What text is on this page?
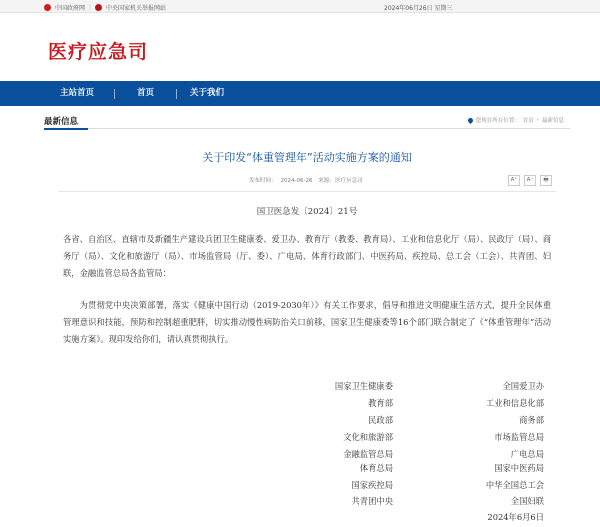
中国政府网 |	中央国家机关举报网站	2024年06月26日 星期三
医疗应急司
主站首页	首页	关于我们
最新信息	您现在所在位置： 首页 › 最新信息
关于印发“体重管理年”活动实施方案的通知
发布时间： 2024-06-26 来源: 医疗应急司	A⁺	A⁻	🖶
国卫医急发〔2024〕21号
各省、自治区、直辖市及新疆生产建设兵团卫生健康委、爱卫办、教育厅（教委、教育局）、工业和信息化厅（局）、民政厅（局）、商务厅（局）、文化和旅游厅（局）、市场监管局（厅、委）、广电局、体育行政部门、中医药局、疾控局、总工会（工会）、共青团、妇联，金融监管总局各监管局：
为贯彻党中央决策部署，落实《健康中国行动（2019-2030年）》有关工作要求，倡导和推进文明健康生活方式，提升全民体重管理意识和技能，预防和控制超重肥胖，切实推动慢性病防治关口前移，国家卫生健康委等16个部门联合制定了《“体重管理年”活动实施方案》。现印发给你们，请认真贯彻执行。
国家卫生健康委	全国爱卫办
教育部	工业和信息化部
民政部	商务部
文化和旅游部	市场监管总局
金融监管总局	广电总局
体育总局	国家中医药局
国家疾控局	中华全国总工会
共青团中央	全国妇联
2024年6月6日
